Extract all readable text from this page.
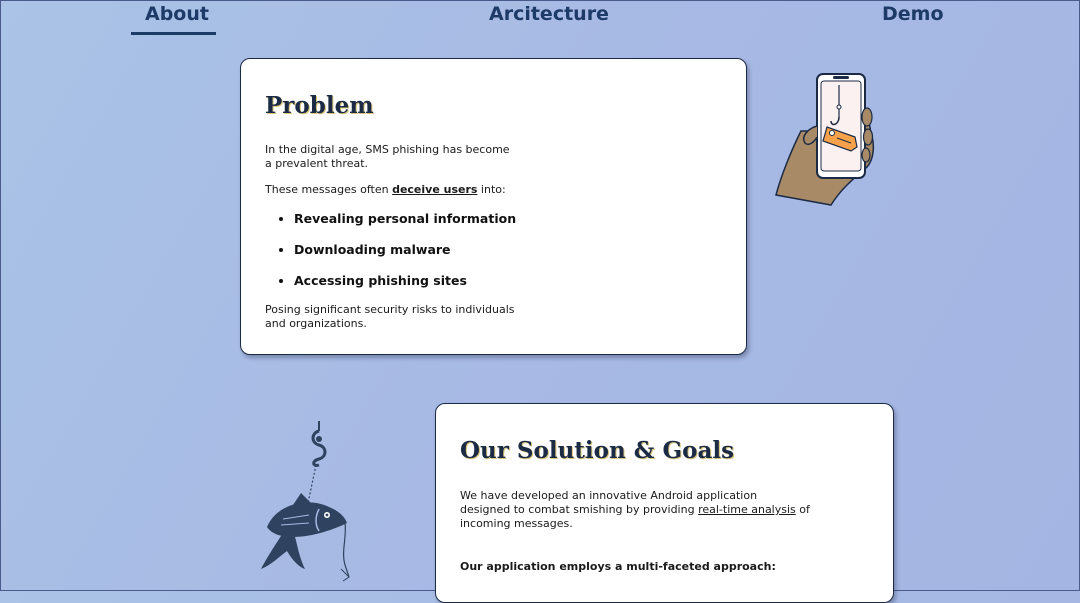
About	Arcitecture	Demo
Problem

In the digital age, SMS phishing has become a prevalent threat.

These messages often deceive users into:

• Revealing personal information
• Downloading malware
• Accessing phishing sites

Posing significant security risks to individuals and organizations.

Our Solution & Goals

We have developed an innovative Android application
designed to combat smishing by providing real-time analysis of incoming messages.

Our application employs a multi-faceted approach:
